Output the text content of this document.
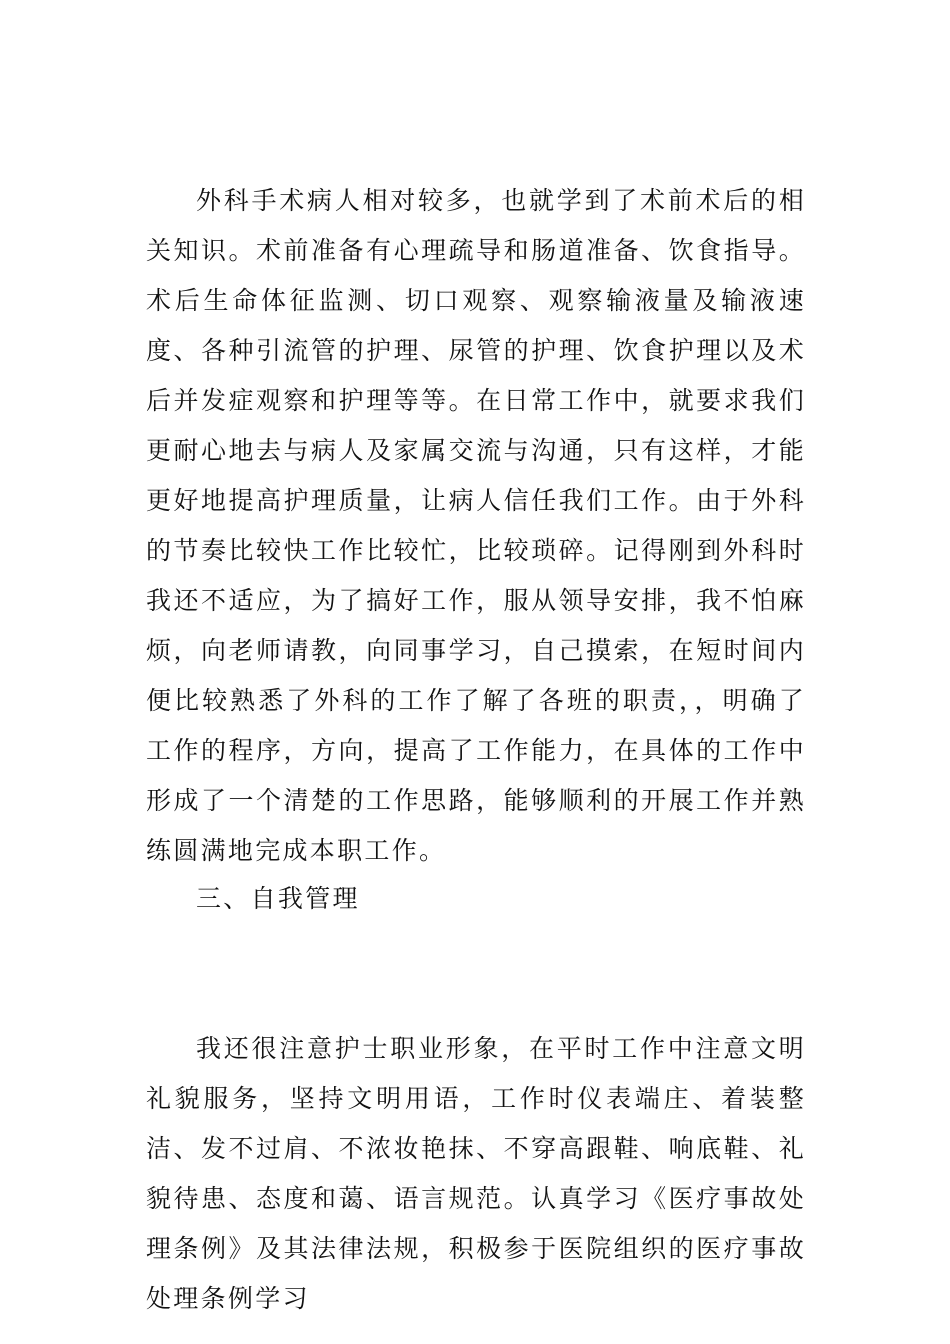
外科手术病人相对较多，也就学到了术前术后的相关知识。术前准备有心理疏导和肠道准备、饮食指导。术后生命体征监测、切口观察、观察输液量及输液速度、各种引流管的护理、尿管的护理、饮食护理以及术后并发症观察和护理等等。在日常工作中，就要求我们更耐心地去与病人及家属交流与沟通，只有这样，才能更好地提高护理质量，让病人信任我们工作。由于外科的节奏比较快工作比较忙，比较琐碎。记得刚到外科时我还不适应，为了搞好工作，服从领导安排，我不怕麻烦，向老师请教，向同事学习，自己摸索，在短时间内便比较熟悉了外科的工作了解了各班的职责，，明确了工作的程序，方向，提高了工作能力，在具体的工作中形成了一个清楚的工作思路，能够顺利的开展工作并熟练圆满地完成本职工作。

三、自我管理

我还很注意护士职业形象，在平时工作中注意文明礼貌服务，坚持文明用语，工作时仪表端庄、着装整洁、发不过肩、不浓妆艳抹、不穿高跟鞋、响底鞋、礼貌待患、态度和蔼、语言规范。认真学习《医疗事故处理条例》及其法律法规，积极参于医院组织的医疗事故处理条例学习
